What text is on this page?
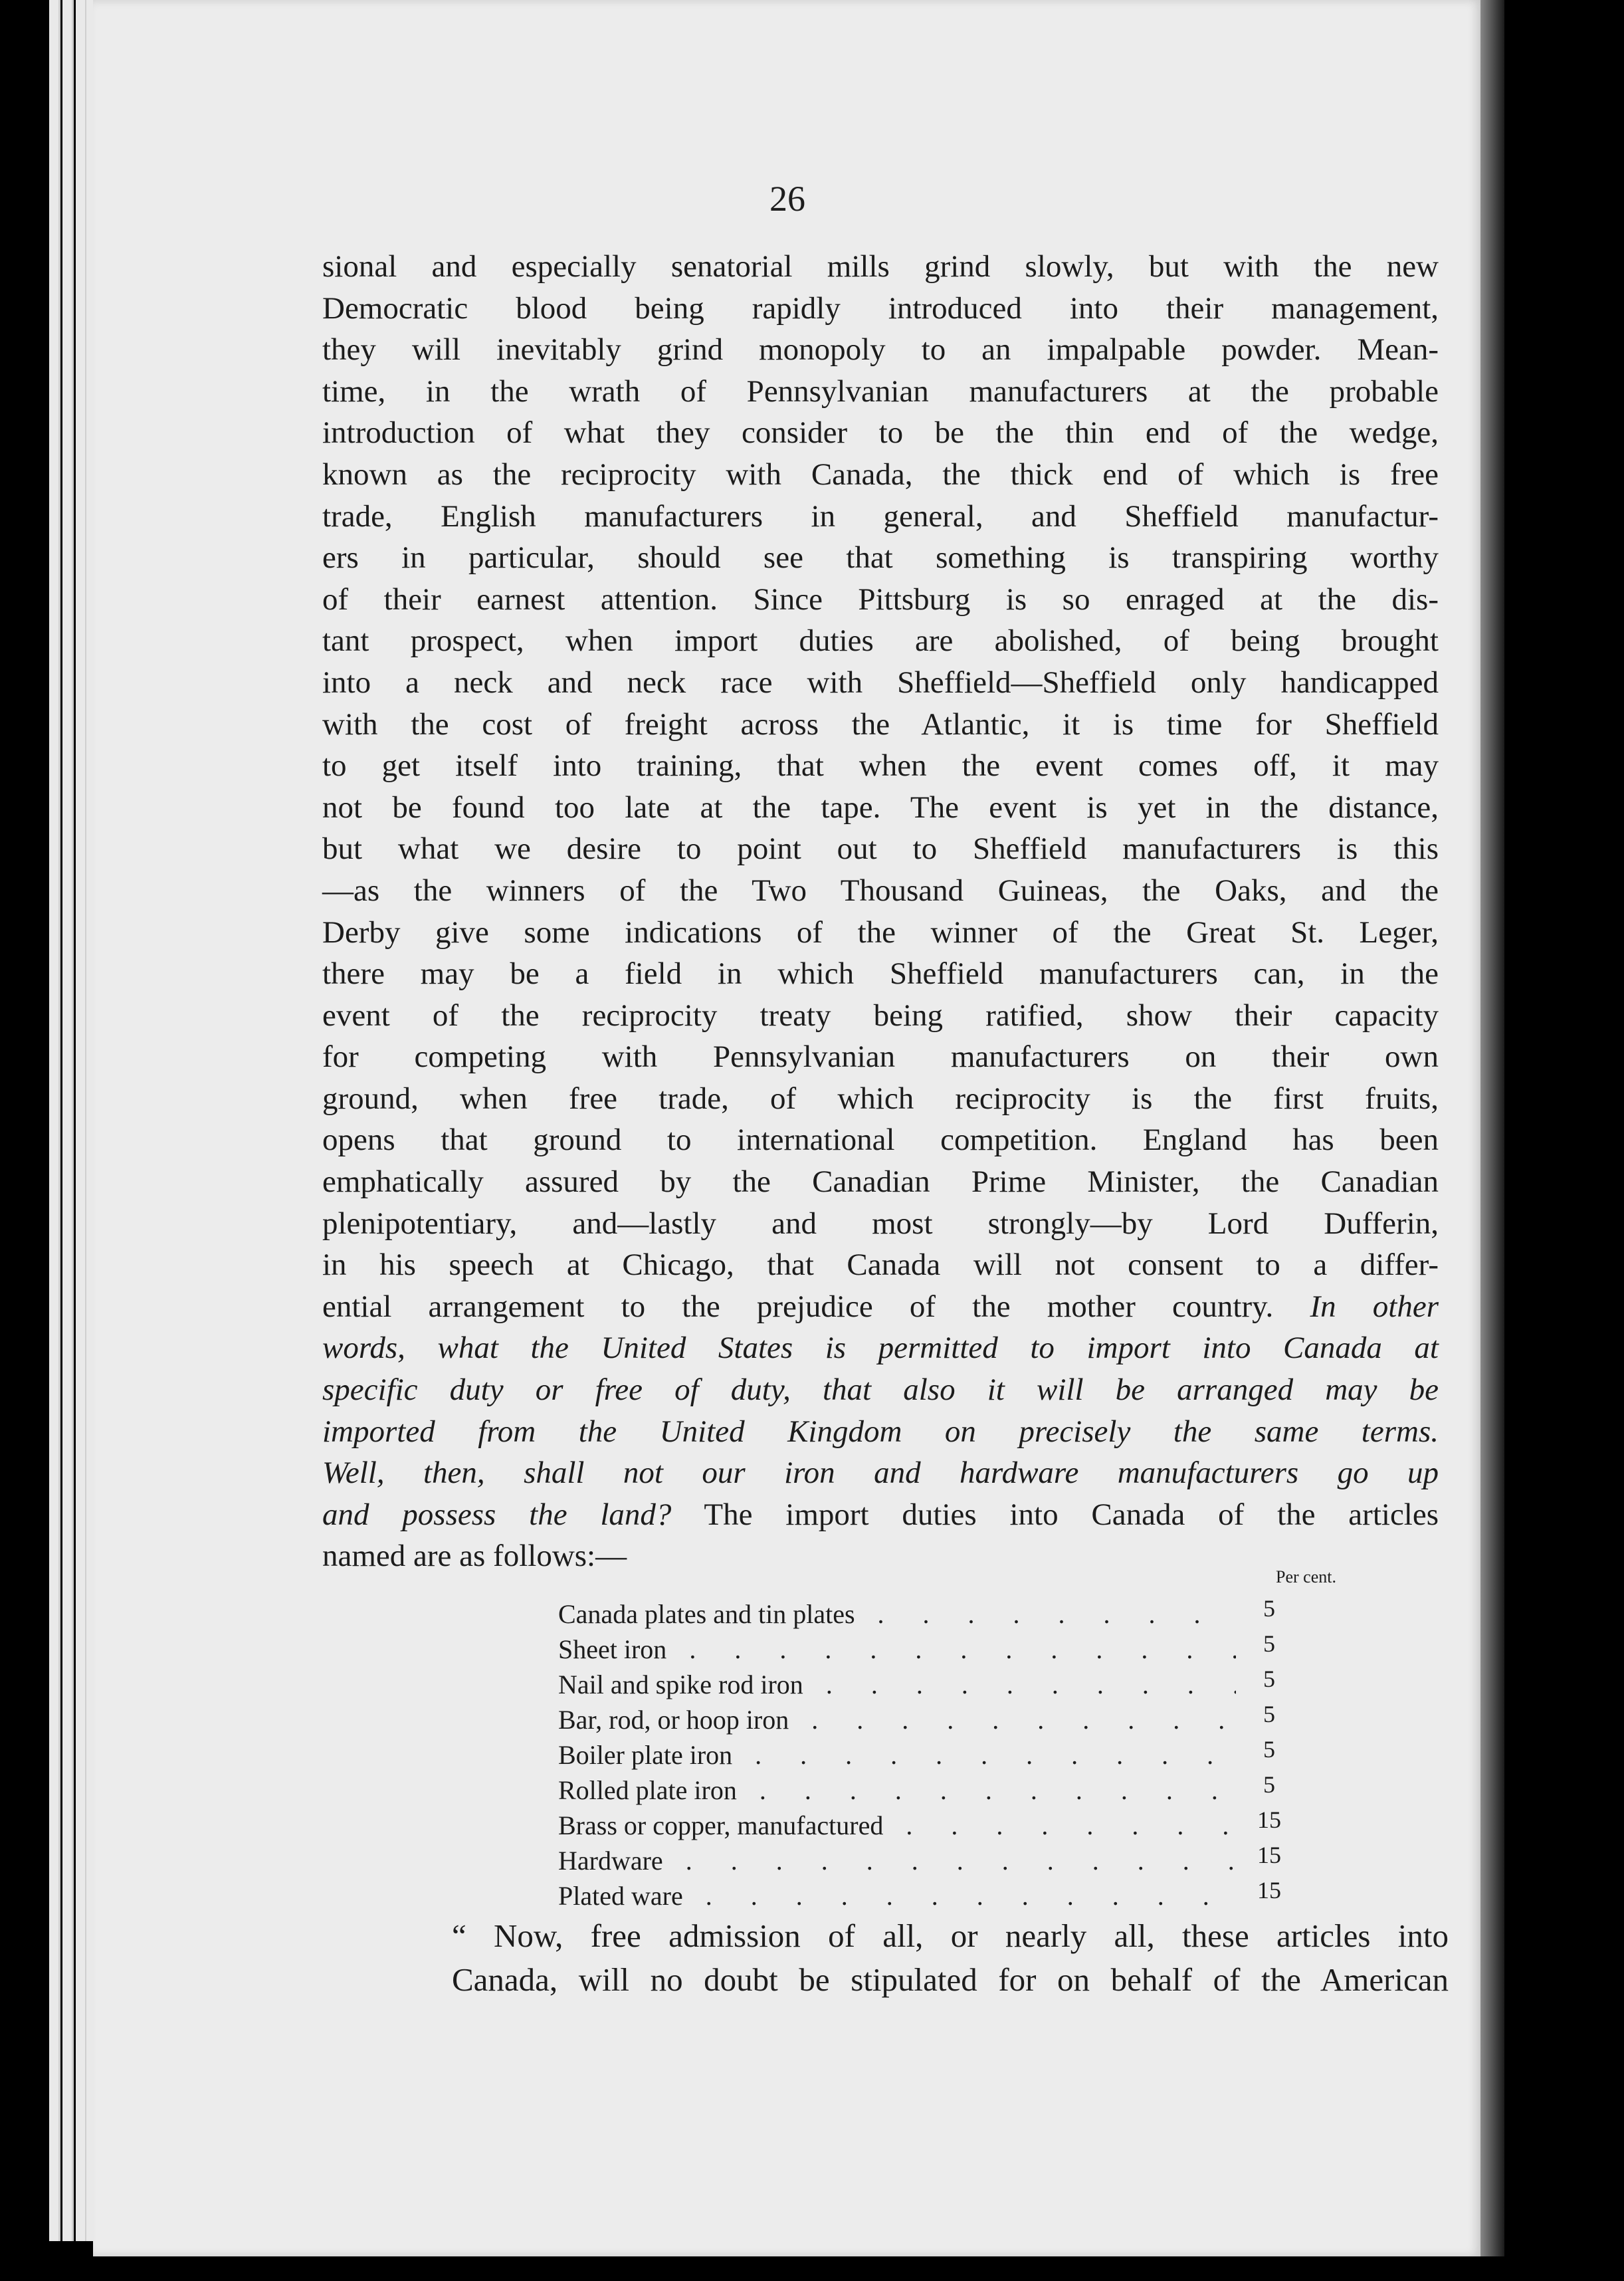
26
sional and especially senatorial mills grind slowly, but with the new
Democratic blood being rapidly introduced into their management,
they will inevitably grind monopoly to an impalpable powder. Mean-
time, in the wrath of Pennsylvanian manufacturers at the probable
introduction of what they consider to be the thin end of the wedge,
known as the reciprocity with Canada, the thick end of which is free
trade, English manufacturers in general, and Sheffield manufactur-
ers in particular, should see that something is transpiring worthy
of their earnest attention. Since Pittsburg is so enraged at the dis-
tant prospect, when import duties are abolished, of being brought
into a neck and neck race with Sheffield—Sheffield only handicapped
with the cost of freight across the Atlantic, it is time for Sheffield
to get itself into training, that when the event comes off, it may
not be found too late at the tape. The event is yet in the distance,
but what we desire to point out to Sheffield manufacturers is this
—as the winners of the Two Thousand Guineas, the Oaks, and the
Derby give some indications of the winner of the Great St. Leger,
there may be a field in which Sheffield manufacturers can, in the
event of the reciprocity treaty being ratified, show their capacity
for competing with Pennsylvanian manufacturers on their own
ground, when free trade, of which reciprocity is the first fruits,
opens that ground to international competition. England has been
emphatically assured by the Canadian Prime Minister, the Canadian
plenipotentiary, and—lastly and most strongly—by Lord Dufferin,
in his speech at Chicago, that Canada will not consent to a differ-
ential arrangement to the prejudice of the mother country. In other
words, what the United States is permitted to import into Canada at
specific duty or free of duty, that also it will be arranged may be
imported from the United Kingdom on precisely the same terms.
Well, then, shall not our iron and hardware manufacturers go up
and possess the land? The import duties into Canada of the articles
named are as follows:—
Per cent.
Canada plates and tin plates . . .	5
Sheet iron . . .	5
Nail and spike rod iron . . .	5
Bar, rod, or hoop iron . . .	5
Boiler plate iron . . .	5
Rolled plate iron . . .	5
Brass or copper, manufactured . . .	15
Hardware . . .	15
Plated ware . . .	15
“ Now, free admission of all, or nearly all, these articles into
Canada, will no doubt be stipulated for on behalf of the American
